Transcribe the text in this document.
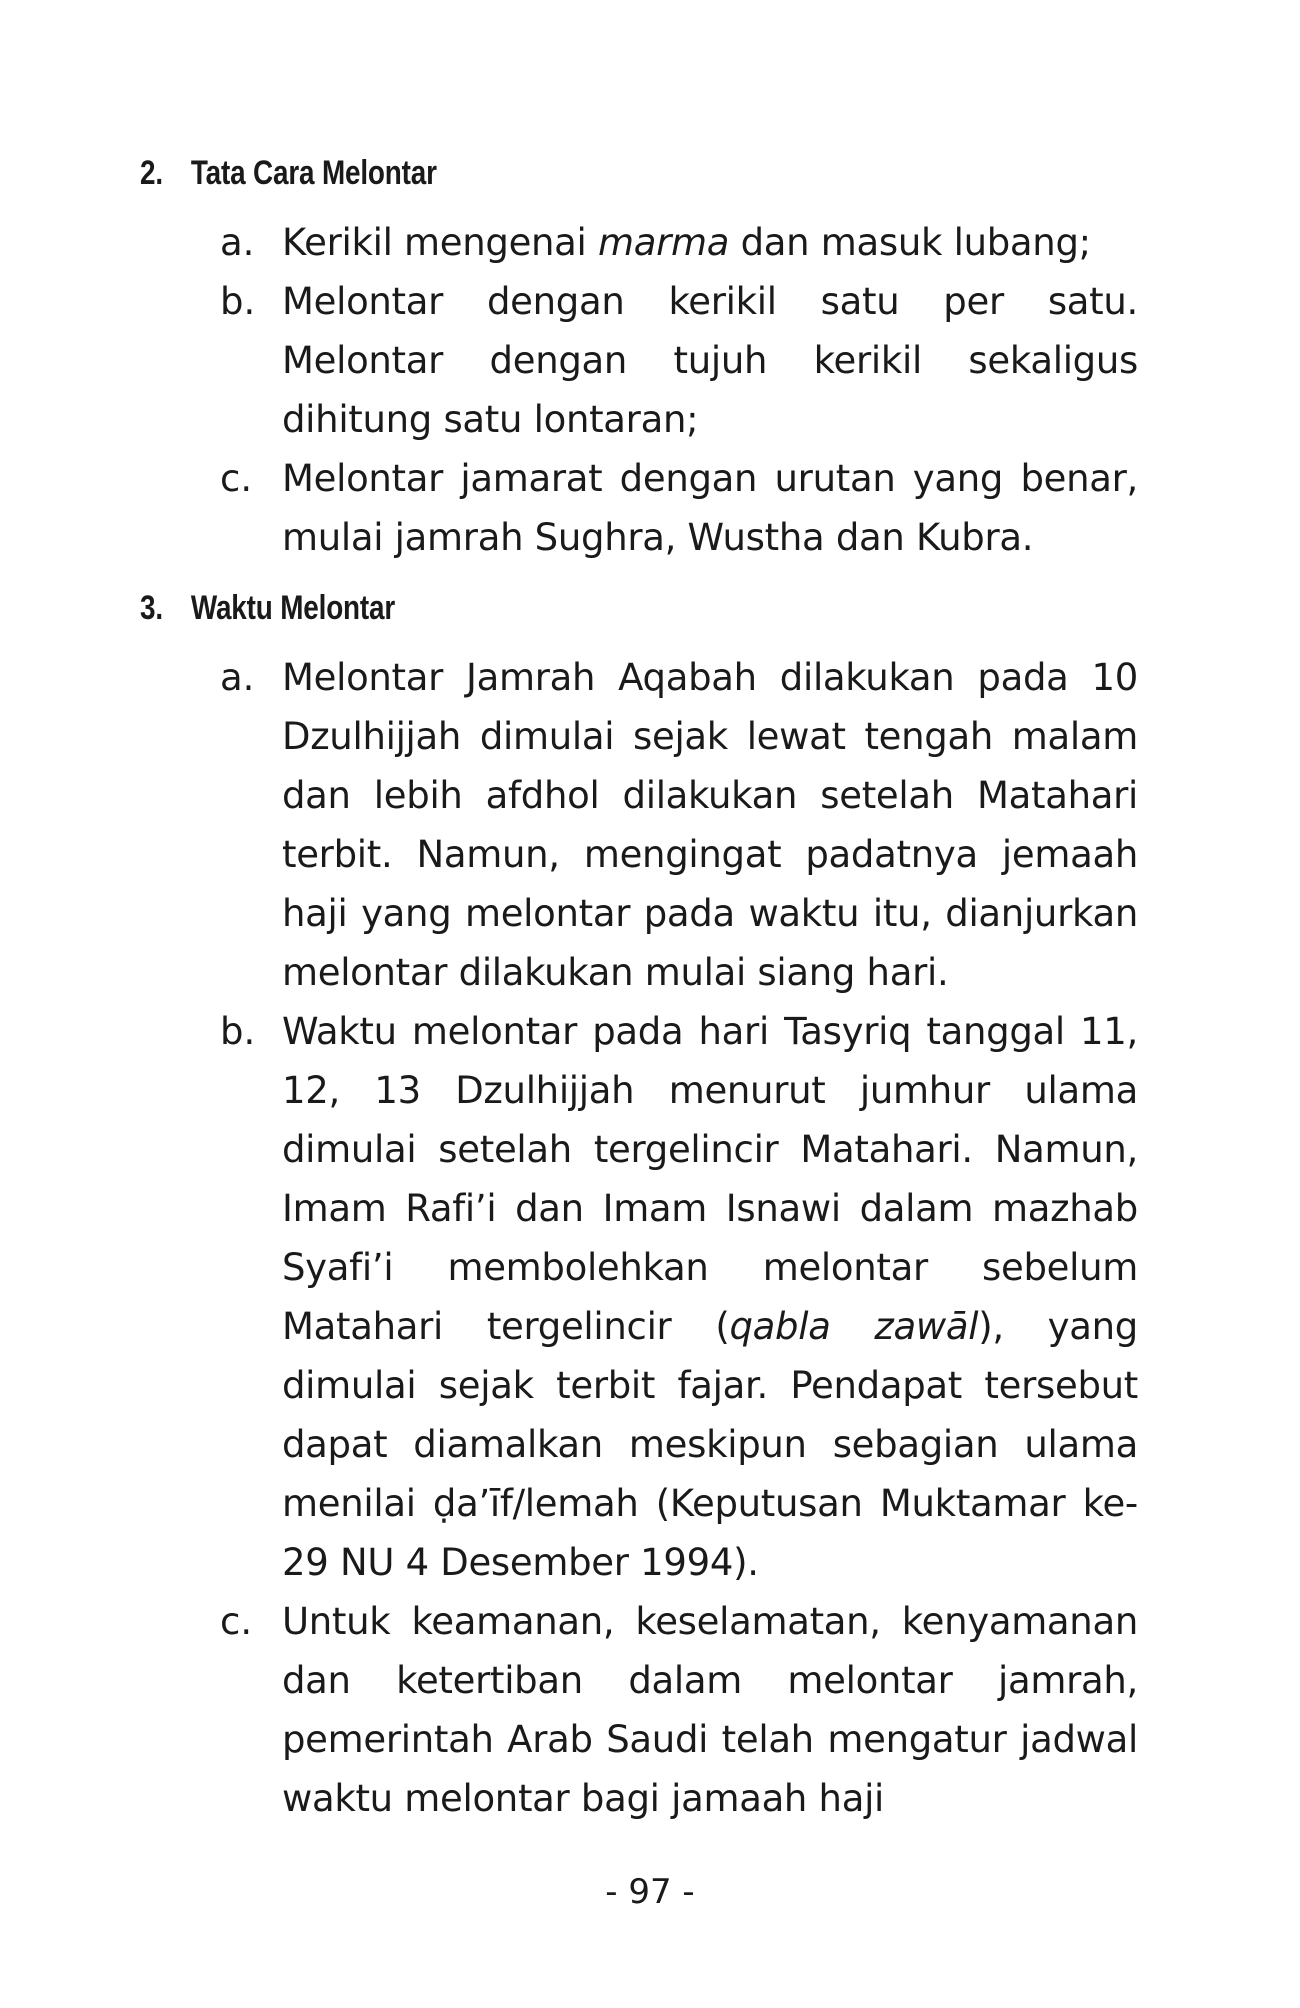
2. Tata Cara Melontar
a. Kerikil mengenai marma dan masuk lubang;
b. Melontar dengan kerikil satu per satu. Melontar dengan tujuh kerikil sekaligus dihitung satu lontaran;
c. Melontar jamarat dengan urutan yang benar, mulai jamrah Sughra, Wustha dan Kubra.
3. Waktu Melontar
a. Melontar Jamrah Aqabah dilakukan pada 10 Dzulhijjah dimulai sejak lewat tengah malam dan lebih afdhol dilakukan setelah Matahari terbit. Namun, mengingat padatnya jemaah haji yang melontar pada waktu itu, dianjurkan melontar dilakukan mulai siang hari.
b. Waktu melontar pada hari Tasyriq tanggal 11, 12, 13 Dzulhijjah menurut jumhur ulama dimulai setelah tergelincir Matahari. Namun, Imam Rafi’i dan Imam Isnawi dalam mazhab Syafi’i membolehkan melontar sebelum Matahari tergelincir (qabla zawāl), yang dimulai sejak terbit fajar. Pendapat tersebut dapat diamalkan meskipun sebagian ulama menilai ḍa’īf/lemah (Keputusan Muktamar ke-29 NU 4 Desember 1994).
c. Untuk keamanan, keselamatan, kenyamanan dan ketertiban dalam melontar jamrah, pemerintah Arab Saudi telah mengatur jadwal waktu melontar bagi jamaah haji
- 97 -
